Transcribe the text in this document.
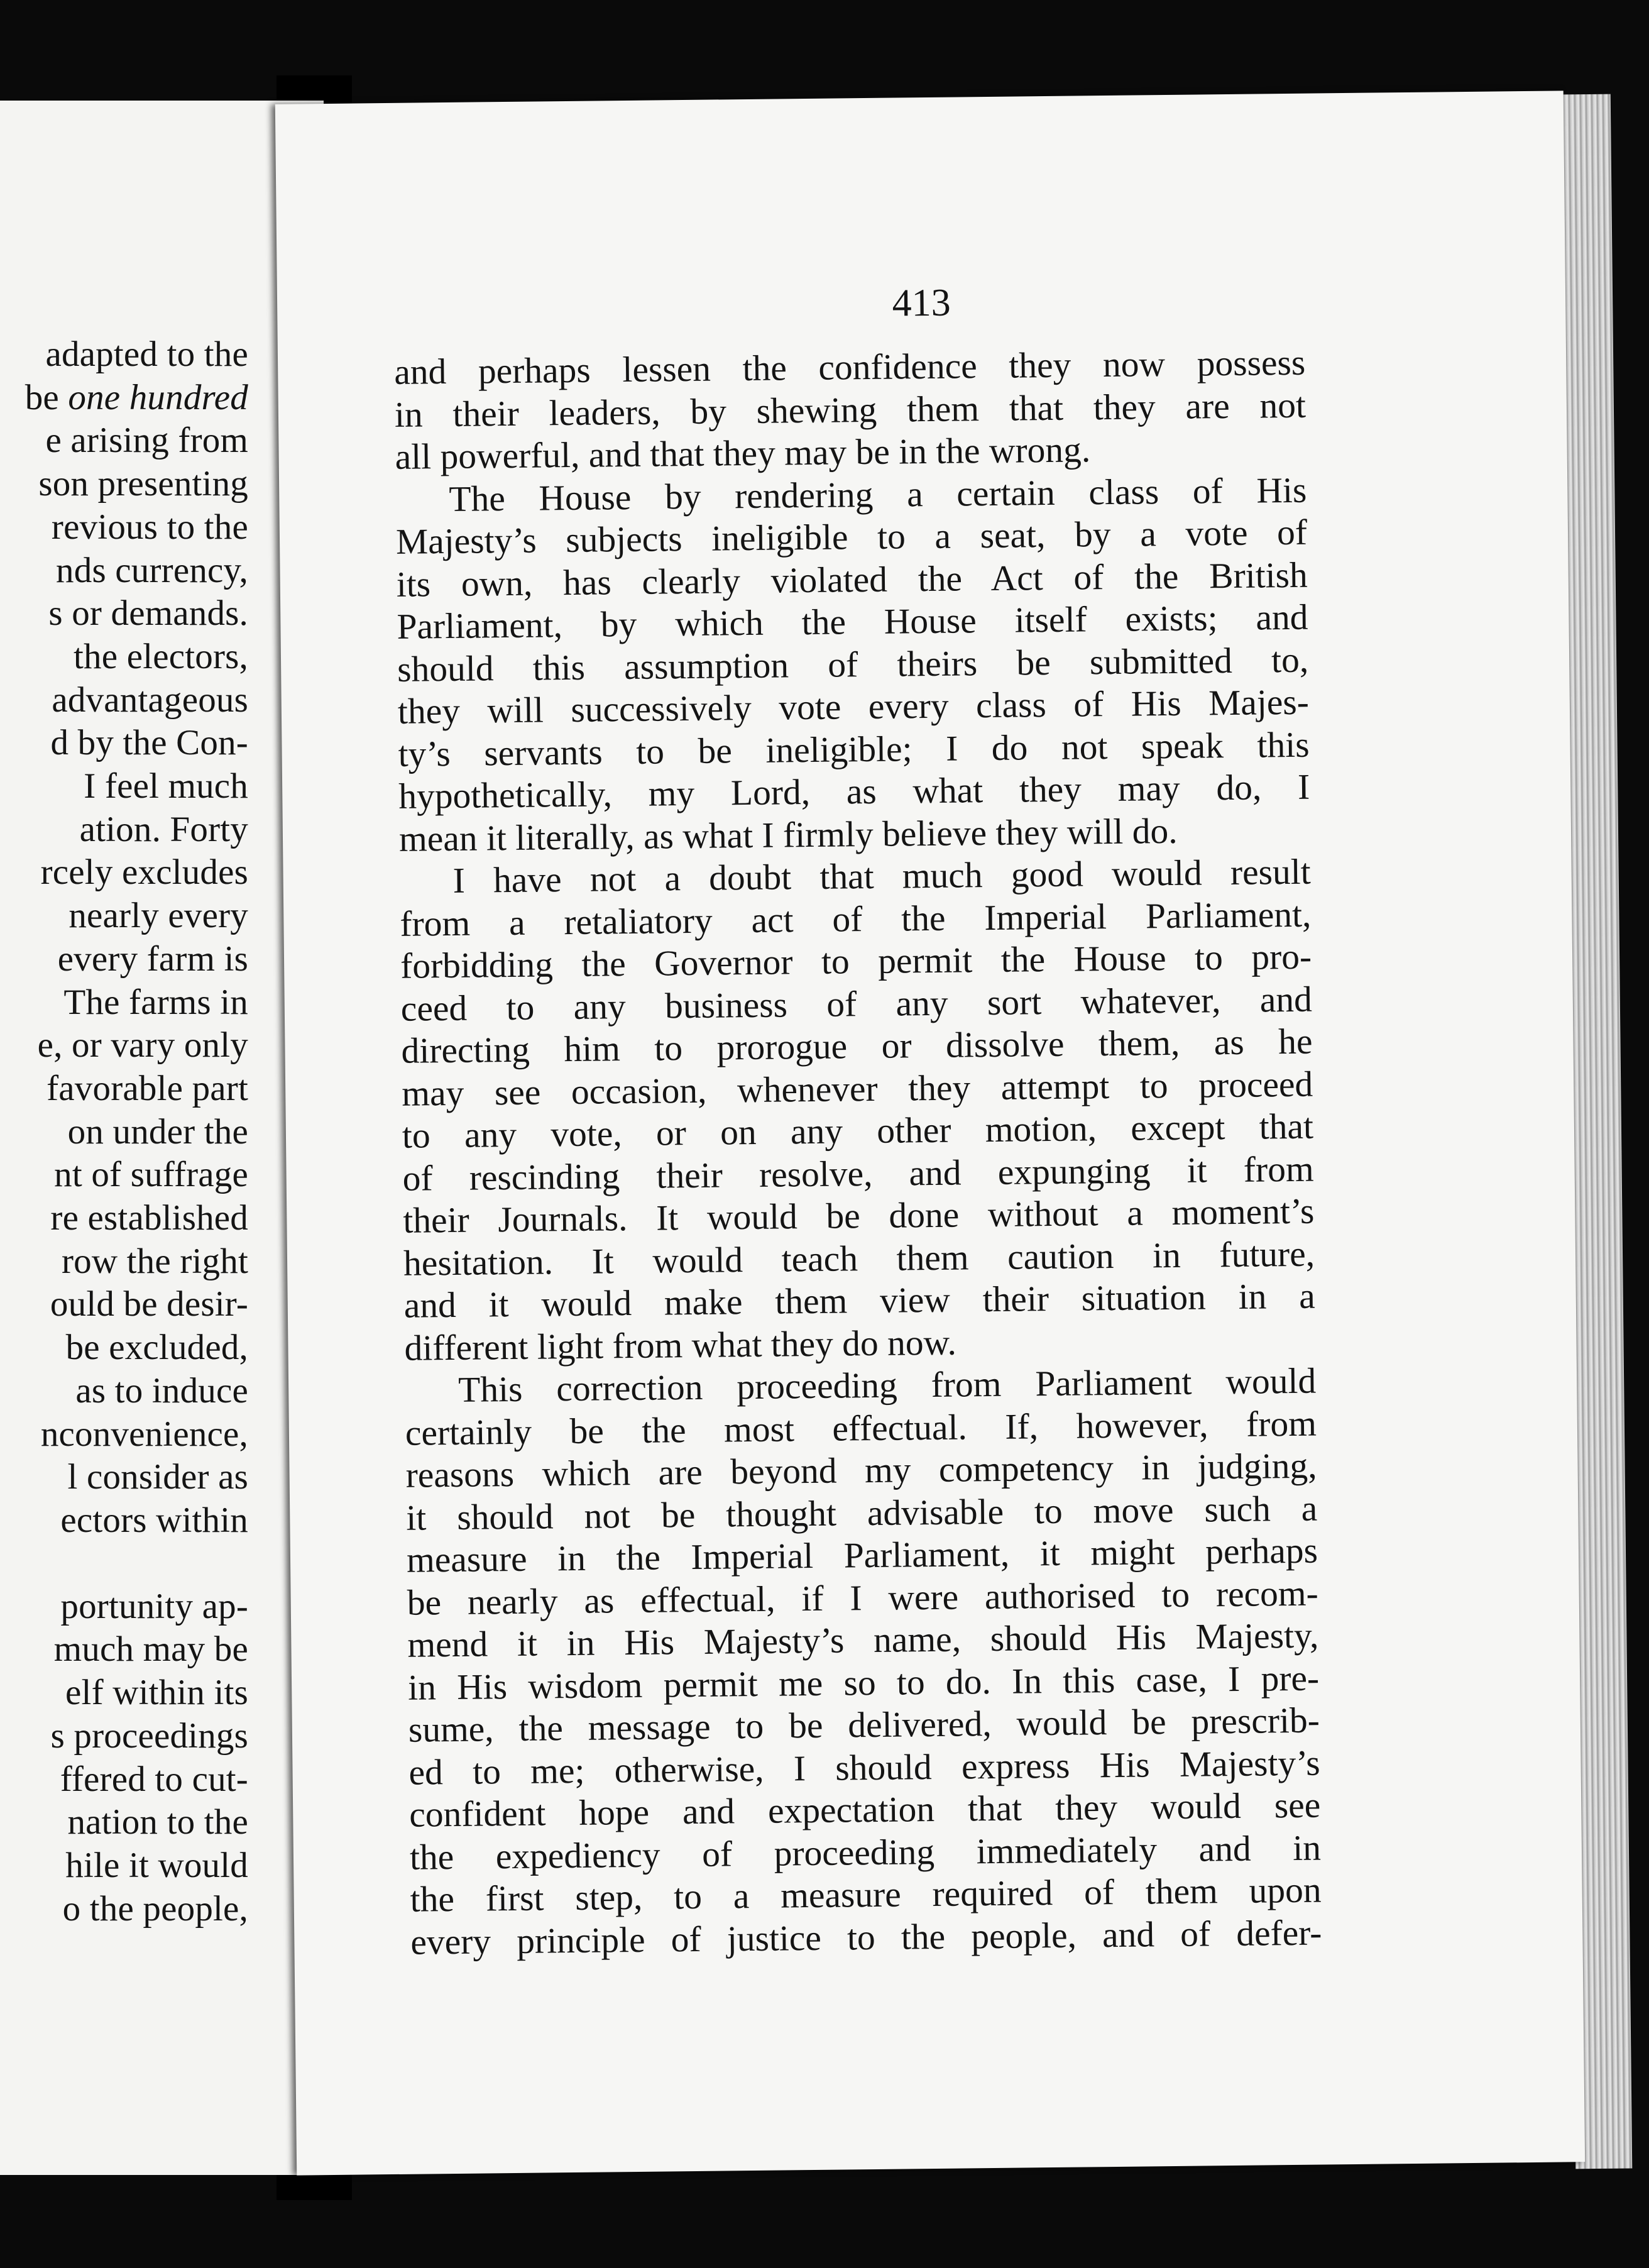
adapted to the
be one hundred
e arising from
son presenting
revious to the
nds currency,
s or demands.
the electors,
advantageous
d by the Con-
I feel much
ation. Forty
rcely excludes
nearly every
every farm is
The farms in
e, or vary only
favorable part
on under the
nt of suffrage
re established
row the right
ould be desir-
be excluded,
as to induce
nconvenience,
l consider as
ectors within

portunity ap-
much may be
elf within its
s proceedings
ffered to cut-
nation to the
hile it would
o the people,
413
and perhaps lessen the confidence they now possess
in their leaders, by shewing them that they are not
all powerful, and that they may be in the wrong.
The House by rendering a certain class of His
Majesty’s subjects ineligible to a seat, by a vote of
its own, has clearly violated the Act of the British
Parliament, by which the House itself exists; and
should this assumption of theirs be submitted to,
they will successively vote every class of His Majes-
ty’s servants to be ineligible; I do not speak this
hypothetically, my Lord, as what they may do, I
mean it literally, as what I firmly believe they will do.
I have not a doubt that much good would result
from a retaliatory act of the Imperial Parliament,
forbidding the Governor to permit the House to pro-
ceed to any business of any sort whatever, and
directing him to prorogue or dissolve them, as he
may see occasion, whenever they attempt to proceed
to any vote, or on any other motion, except that
of rescinding their resolve, and expunging it from
their Journals. It would be done without a moment’s
hesitation. It would teach them caution in future,
and it would make them view their situation in a
different light from what they do now.
This correction proceeding from Parliament would
certainly be the most effectual. If, however, from
reasons which are beyond my competency in judging,
it should not be thought advisable to move such a
measure in the Imperial Parliament, it might perhaps
be nearly as effectual, if I were authorised to recom-
mend it in His Majesty’s name, should His Majesty,
in His wisdom permit me so to do. In this case, I pre-
sume, the message to be delivered, would be prescrib-
ed to me; otherwise, I should express His Majesty’s
confident hope and expectation that they would see
the expediency of proceeding immediately and in
the first step, to a measure required of them upon
every principle of justice to the people, and of defer-
